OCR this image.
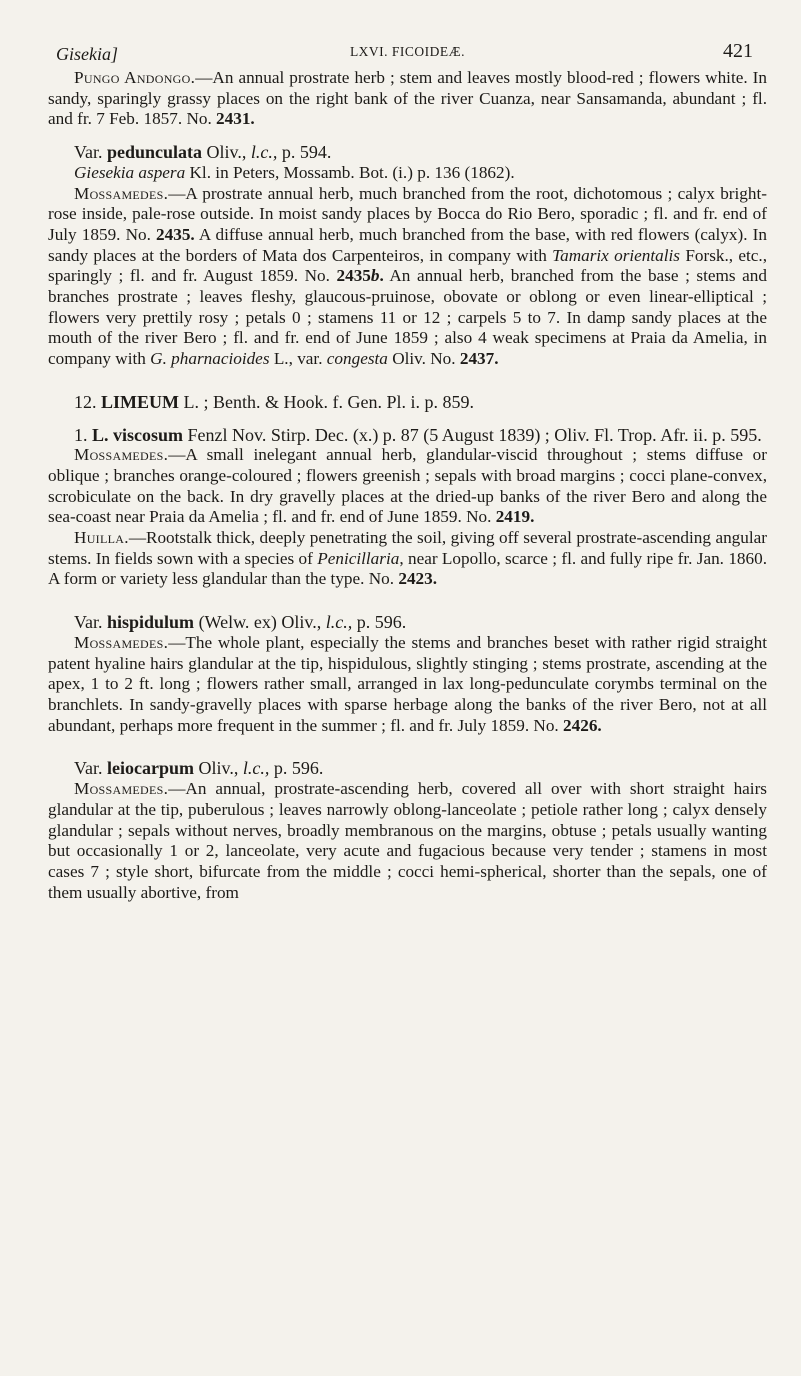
Gisekia]	LXVI. FICOIDEÆ.	421

Pungo Andongo.—An annual prostrate herb ; stem and leaves mostly blood-red ; flowers white. In sandy, sparingly grassy places on the right bank of the river Cuanza, near Sansamanda, abundant ; fl. and fr. 7 Feb. 1857. No. 2431.

Var. pedunculata Oliv., l.c., p. 594.

Giesekia aspera Kl. in Peters, Mossamb. Bot. (i.) p. 136 (1862).

Mossamedes.—A prostrate annual herb, much branched from the root, dichotomous ; calyx bright-rose inside, pale-rose outside. In moist sandy places by Bocca do Rio Bero, sporadic ; fl. and fr. end of July 1859. No. 2435. A diffuse annual herb, much branched from the base, with red flowers (calyx). In sandy places at the borders of Mata dos Carpenteiros, in company with Tamarix orientalis Forsk., etc., sparingly ; fl. and fr. August 1859. No. 2435b. An annual herb, branched from the base ; stems and branches prostrate ; leaves fleshy, glaucous-pruinose, obovate or oblong or even linear-elliptical ; flowers very prettily rosy ; petals 0 ; stamens 11 or 12 ; carpels 5 to 7. In damp sandy places at the mouth of the river Bero ; fl. and fr. end of June 1859 ; also 4 weak specimens at Praia da Amelia, in company with G. pharnacioides L., var. congesta Oliv. No. 2437.

12. LIMEUM L. ; Benth. & Hook. f. Gen. Pl. i. p. 859.

1. L. viscosum Fenzl Nov. Stirp. Dec. (x.) p. 87 (5 August 1839) ; Oliv. Fl. Trop. Afr. ii. p. 595.

Mossamedes.—A small inelegant annual herb, glandular-viscid throughout ; stems diffuse or oblique ; branches orange-coloured ; flowers greenish ; sepals with broad margins ; cocci plane-convex, scrobiculate on the back. In dry gravelly places at the dried-up banks of the river Bero and along the sea-coast near Praia da Amelia ; fl. and fr. end of June 1859. No. 2419.

Huilla.—Rootstalk thick, deeply penetrating the soil, giving off several prostrate-ascending angular stems. In fields sown with a species of Penicillaria, near Lopollo, scarce ; fl. and fully ripe fr. Jan. 1860. A form or variety less glandular than the type. No. 2423.

Var. hispidulum (Welw. ex) Oliv., l.c., p. 596.

Mossamedes.—The whole plant, especially the stems and branches beset with rather rigid straight patent hyaline hairs glandular at the tip, hispidulous, slightly stinging ; stems prostrate, ascending at the apex, 1 to 2 ft. long ; flowers rather small, arranged in lax long-pedunculate corymbs terminal on the branchlets. In sandy-gravelly places with sparse herbage along the banks of the river Bero, not at all abundant, perhaps more frequent in the summer ; fl. and fr. July 1859. No. 2426.

Var. leiocarpum Oliv., l.c., p. 596.

Mossamedes.—An annual, prostrate-ascending herb, covered all over with short straight hairs glandular at the tip, puberulous ; leaves narrowly oblong-lanceolate ; petiole rather long ; calyx densely glandular ; sepals without nerves, broadly membranous on the margins, obtuse ; petals usually wanting but occasionally 1 or 2, lanceolate, very acute and fugacious because very tender ; stamens in most cases 7 ; style short, bifurcate from the middle ; cocci hemi-spherical, shorter than the sepals, one of them usually abortive, from
